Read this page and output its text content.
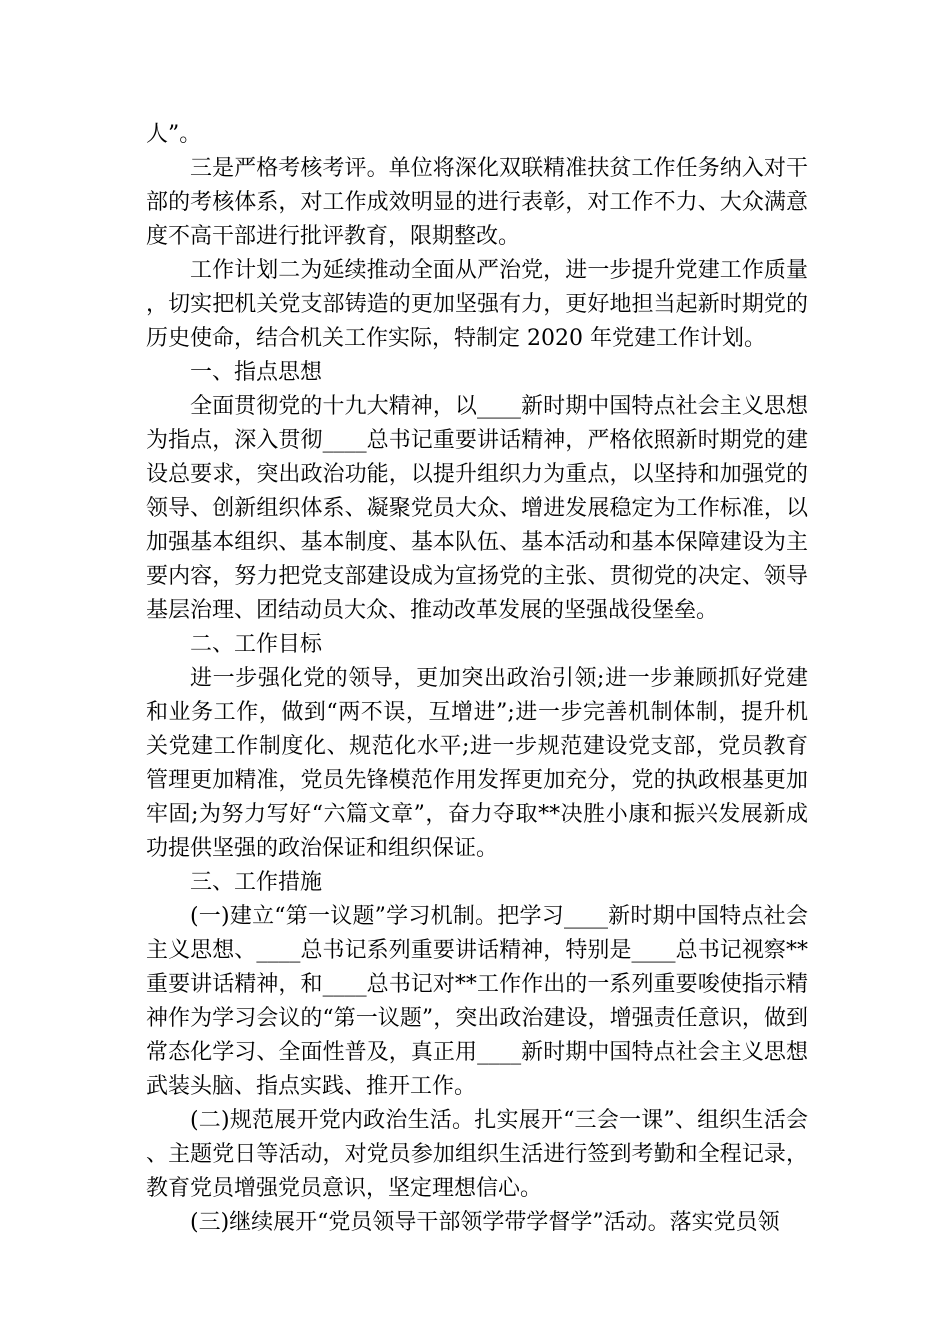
人”。

三是严格考核考评。单位将深化双联精准扶贫工作任务纳入对干部的考核体系，对工作成效明显的进行表彰，对工作不力、大众满意度不高干部进行批评教育，限期整改。

工作计划二为延续推动全面从严治党，进一步提升党建工作质量，切实把机关党支部铸造的更加坚强有力，更好地担当起新时期党的历史使命，结合机关工作实际，特制定 2020 年党建工作计划。

一、指点思想

全面贯彻党的十九大精神，以____新时期中国特点社会主义思想为指点，深入贯彻____总书记重要讲话精神，严格依照新时期党的建设总要求，突出政治功能，以提升组织力为重点，以坚持和加强党的领导、创新组织体系、凝聚党员大众、增进发展稳定为工作标准，以加强基本组织、基本制度、基本队伍、基本活动和基本保障建设为主要内容，努力把党支部建设成为宣扬党的主张、贯彻党的决定、领导基层治理、团结动员大众、推动改革发展的坚强战役堡垒。

二、工作目标

进一步强化党的领导，更加突出政治引领;进一步兼顾抓好党建和业务工作，做到“两不误，互增进”;进一步完善机制体制，提升机关党建工作制度化、规范化水平;进一步规范建设党支部，党员教育管理更加精准，党员先锋模范作用发挥更加充分，党的执政根基更加牢固;为努力写好“六篇文章”，奋力夺取**决胜小康和振兴发展新成功提供坚强的政治保证和组织保证。

三、工作措施

(一)建立“第一议题”学习机制。把学习____新时期中国特点社会主义思想、____总书记系列重要讲话精神，特别是____总书记视察**重要讲话精神，和____总书记对**工作作出的一系列重要唆使指示精神作为学习会议的“第一议题”，突出政治建设，增强责任意识，做到常态化学习、全面性普及，真正用____新时期中国特点社会主义思想武装头脑、指点实践、推开工作。

(二)规范展开党内政治生活。扎实展开“三会一课”、组织生活会、主题党日等活动，对党员参加组织生活进行签到考勤和全程记录，教育党员增强党员意识，坚定理想信心。

(三)继续展开“党员领导干部领学带学督学”活动。落实党员领
